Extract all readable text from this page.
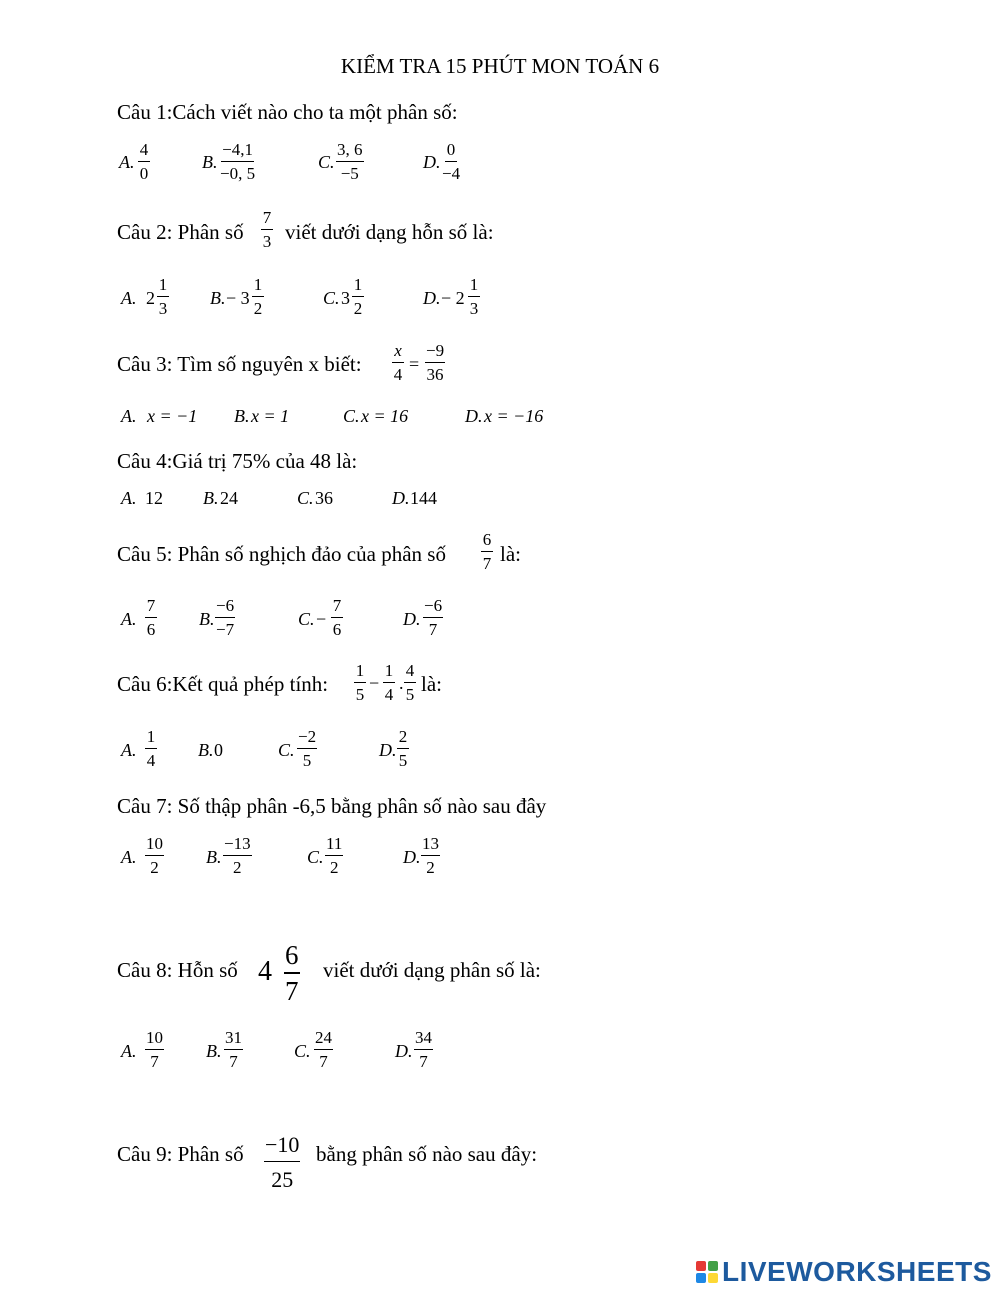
KIỂM TRA 15 PHÚT MON TOÁN 6
Câu 1:Cách viết nào cho ta một phân số:
A. $\frac{4}{0}$	B. $\frac{-4,1}{-0, 5}$	C. $\frac{3, 6}{-5}$	D. $\frac{0}{-4}$
Câu 2: Phân số $\frac{7}{3}$ viết dưới dạng hỗn số là:
A. $2 \frac{1}{3} B$. − $3 \frac{1}{2}$	C. $3 \frac{1}{2}$	D. − $2 \frac{1}{3}$
Câu 3: Tìm số nguyên x biết: $\frac{x}{4} = \frac{-9}{36}$
A. x = −1 B. x = 1	C. x = 16	D. x = −16
Câu 4:Giá trị 75% của 48 là:
A. 12 B. 24	C. 36	D. 144
Câu 5: Phân số nghịch đảo của phân số $\frac{6}{7}$ là:
A. $\frac{7}{6} B$. $\frac{-6}{-7}$	C. − $\frac{7}{6}$	D. $\frac{-6}{7}$
Câu 6:Kết quả phép tính: $\frac{1}{5} - \frac{1}{4}$ . $\frac{4}{5}$ là:
A. $\frac{1}{4} B$. 0	C. $\frac{-2}{5}$	D. $\frac{2}{5}$
Câu 7: Số thập phân -6,5 bằng phân số nào sau đây
A. $\frac{10}{2} B$. $\frac{-13}{2}$	C. $\frac{11}{2}$	D. $\frac{13}{2}$
Câu 8: Hỗn số $4 \frac{6}{7}$ viết dưới dạng phân số là:
A. $\frac{10}{7} B$. $\frac{31}{7}$	C. $\frac{24}{7}$	D. $\frac{34}{7}$
Câu 9: Phân số $\frac{-10}{25}$ bằng phân số nào sau đây:
LIVEWORKSHEETS
